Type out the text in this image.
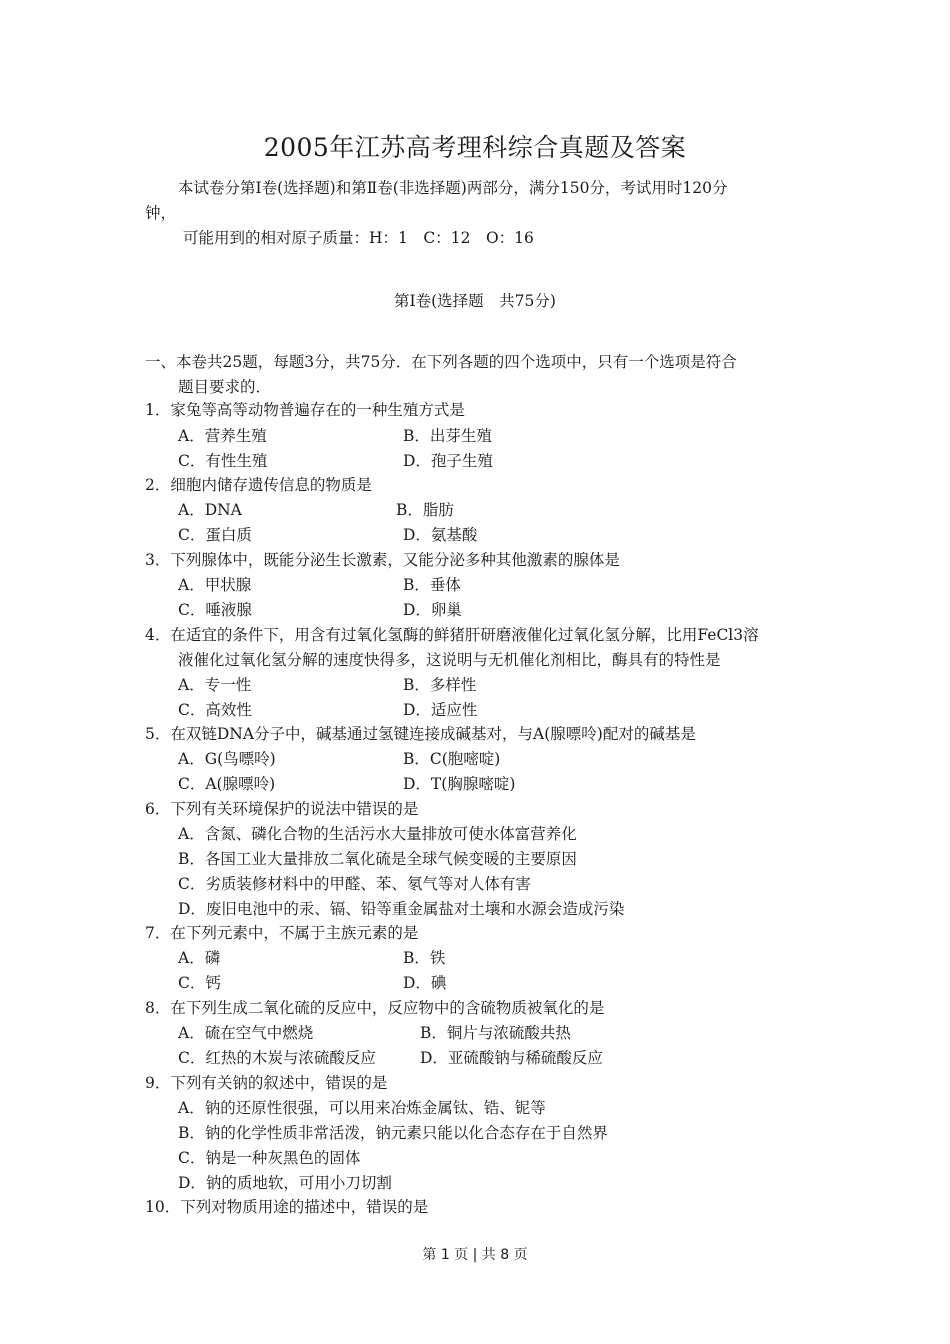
2005年江苏高考理科综合真题及答案
本试卷分第Ⅰ卷(选择题)和第Ⅱ卷(非选择题)两部分，满分150分，考试用时120分
钟，
可能用到的相对原子质量：H：1　C：12　O：16
第Ⅰ卷(选择题　共75分)
一、本卷共25题，每题3分，共75分．在下列各题的四个选项中，只有一个选项是符合
题目要求的．
1．家兔等高等动物普遍存在的一种生殖方式是
A．营养生殖	B．出芽生殖
C．有性生殖	D．孢子生殖
2．细胞内储存遗传信息的物质是
A．DNA	B．脂肪
C．蛋白质	D．氨基酸
3．下列腺体中，既能分泌生长激素，又能分泌多种其他激素的腺体是
A．甲状腺	B．垂体
C．唾液腺	D．卵巢
4．在适宜的条件下，用含有过氧化氢酶的鲜猪肝研磨液催化过氧化氢分解，比用FeCl3溶
液催化过氧化氢分解的速度快得多，这说明与无机催化剂相比，酶具有的特性是
A．专一性	B．多样性
C．高效性	D．适应性
5．在双链DNA分子中，碱基通过氢键连接成碱基对，与A(腺嘌呤)配对的碱基是
A．G(鸟嘌呤)	B．C(胞嘧啶)
C．A(腺嘌呤)	D．T(胸腺嘧啶)
6．下列有关环境保护的说法中错误的是
A．含氮、磷化合物的生活污水大量排放可使水体富营养化
B．各国工业大量排放二氧化硫是全球气候变暖的主要原因
C．劣质装修材料中的甲醛、苯、氡气等对人体有害
D．废旧电池中的汞、镉、铅等重金属盐对土壤和水源会造成污染
7．在下列元素中，不属于主族元素的是
A．磷	B．铁
C．钙	D．碘
8．在下列生成二氧化硫的反应中，反应物中的含硫物质被氧化的是
A．硫在空气中燃烧	B．铜片与浓硫酸共热
C．红热的木炭与浓硫酸反应	D．亚硫酸钠与稀硫酸反应
9．下列有关钠的叙述中，错误的是
A．钠的还原性很强，可以用来冶炼金属钛、锆、铌等
B．钠的化学性质非常活泼，钠元素只能以化合态存在于自然界
C．钠是一种灰黑色的固体
D．钠的质地软，可用小刀切割
10．下列对物质用途的描述中，错误的是
第 1 页 | 共 8 页
